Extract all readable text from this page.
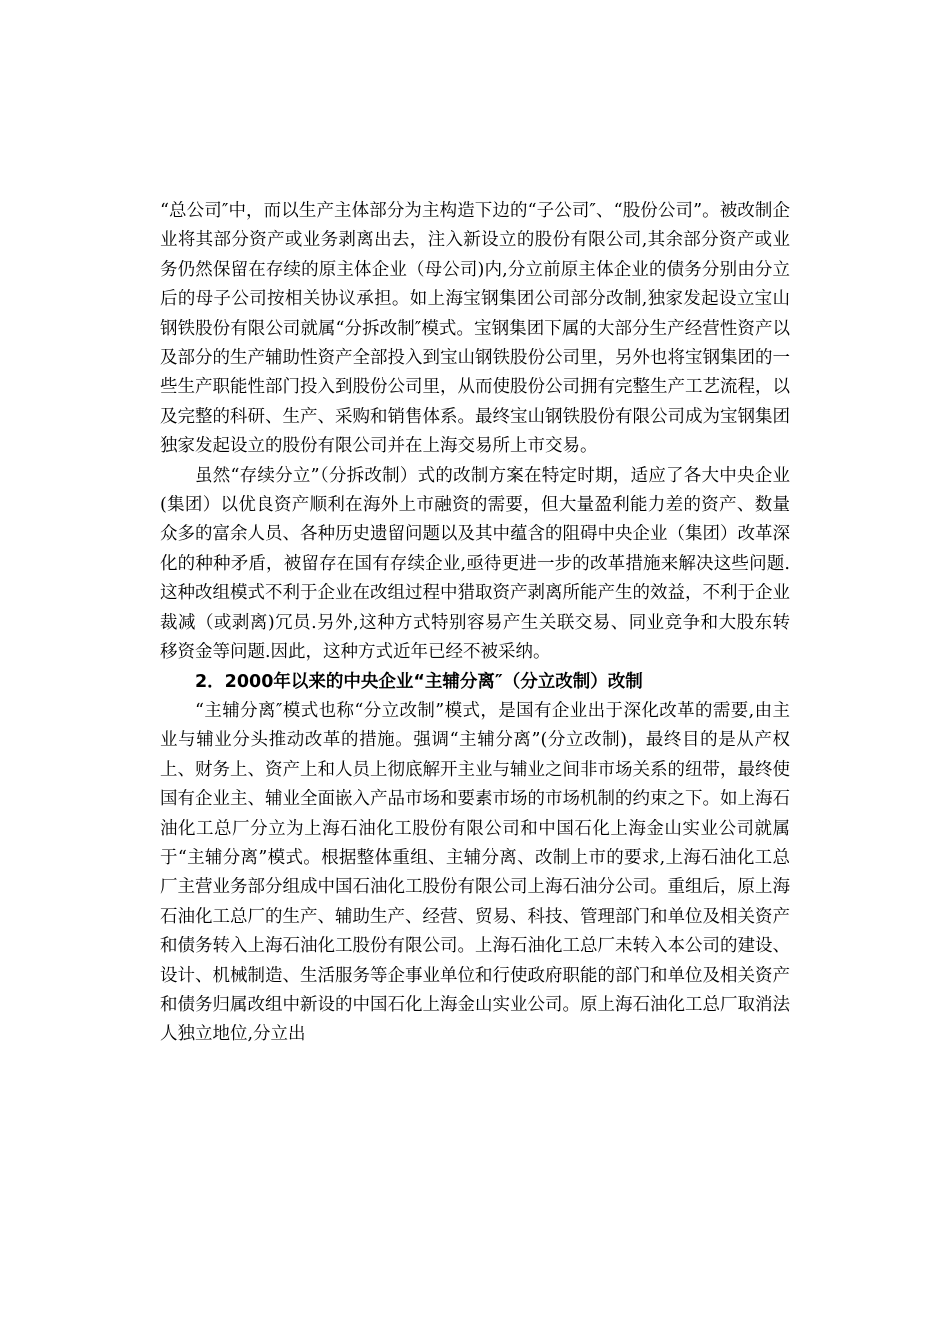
“总公司″中，而以生产主体部分为主构造下边的“子公司″、“股份公司”。被改制企业将其部分资产或业务剥离出去，注入新设立的股份有限公司,其余部分资产或业务仍然保留在存续的原主体企业（母公司)内,分立前原主体企业的债务分别由分立后的母子公司按相关协议承担。如上海宝钢集团公司部分改制,独家发起设立宝山钢铁股份有限公司就属“分拆改制″模式。宝钢集团下属的大部分生产经营性资产以及部分的生产辅助性资产全部投入到宝山钢铁股份公司里，另外也将宝钢集团的一些生产职能性部门投入到股份公司里，从而使股份公司拥有完整生产工艺流程，以及完整的科研、生产、采购和销售体系。最终宝山钢铁股份有限公司成为宝钢集团独家发起设立的股份有限公司并在上海交易所上市交易。

虽然“存续分立”（分拆改制）式的改制方案在特定时期，适应了各大中央企业(集团）以优良资产顺利在海外上市融资的需要，但大量盈利能力差的资产、数量众多的富余人员、各种历史遗留问题以及其中蕴含的阻碍中央企业（集团）改革深化的种种矛盾，被留存在国有存续企业,亟待更进一步的改革措施来解决这些问题.这种改组模式不利于企业在改组过程中猎取资产剥离所能产生的效益，不利于企业裁减（或剥离)冗员.另外,这种方式特别容易产生关联交易、同业竞争和大股东转移资金等问题.因此，这种方式近年已经不被采纳。

2．2000年以来的中央企业“主辅分离″（分立改制）改制

“主辅分离″模式也称“分立改制”模式，是国有企业出于深化改革的需要,由主业与辅业分头推动改革的措施。强调“主辅分离”(分立改制)，最终目的是从产权上、财务上、资产上和人员上彻底解开主业与辅业之间非市场关系的纽带，最终使国有企业主、辅业全面嵌入产品市场和要素市场的市场机制的约束之下。如上海石油化工总厂分立为上海石油化工股份有限公司和中国石化上海金山实业公司就属于“主辅分离”模式。根据整体重组、主辅分离、改制上市的要求,上海石油化工总厂主营业务部分组成中国石油化工股份有限公司上海石油分公司。重组后，原上海石油化工总厂的生产、辅助生产、经营、贸易、科技、管理部门和单位及相关资产和债务转入上海石油化工股份有限公司。上海石油化工总厂未转入本公司的建设、设计、机械制造、生活服务等企事业单位和行使政府职能的部门和单位及相关资产和债务归属改组中新设的中国石化上海金山实业公司。原上海石油化工总厂取消法人独立地位,分立出
